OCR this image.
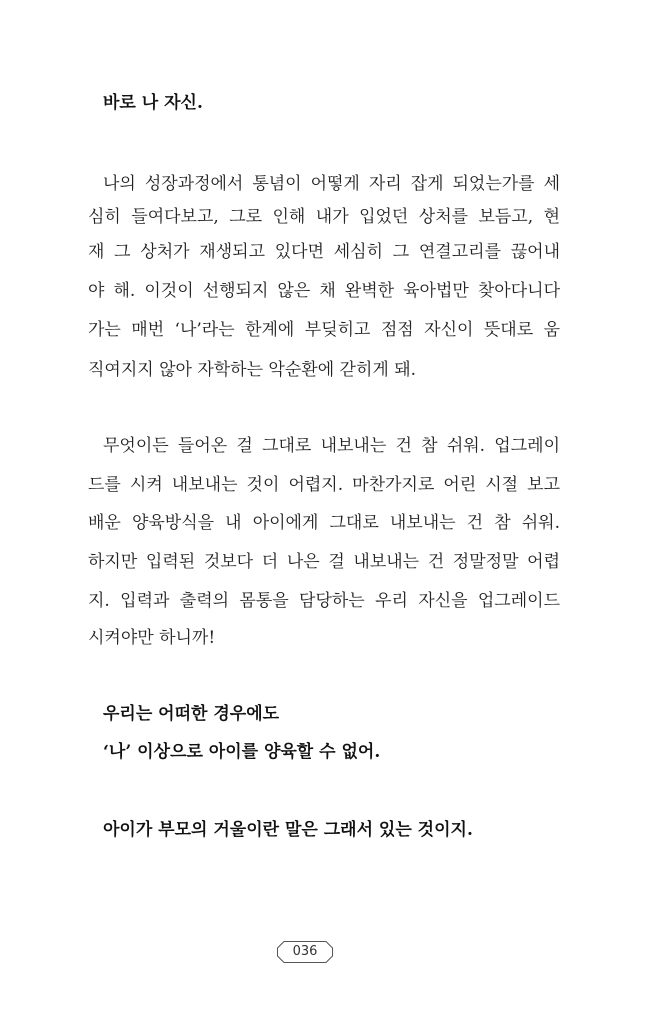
바로 나 자신.
나의 성장과정에서 통념이 어떻게 자리 잡게 되었는가를 세
심히 들여다보고, 그로 인해 내가 입었던 상처를 보듬고, 현
재 그 상처가 재생되고 있다면 세심히 그 연결고리를 끊어내
야 해. 이것이 선행되지 않은 채 완벽한 육아법만 찾아다니다
가는 매번 ‘나’라는 한계에 부딪히고 점점 자신이 뜻대로 움
직여지지 않아 자학하는 악순환에 갇히게 돼.
무엇이든 들어온 걸 그대로 내보내는 건 참 쉬워. 업그레이
드를 시켜 내보내는 것이 어렵지. 마찬가지로 어린 시절 보고
배운 양육방식을 내 아이에게 그대로 내보내는 건 참 쉬워.
하지만 입력된 것보다 더 나은 걸 내보내는 건 정말정말 어렵
지. 입력과 출력의 몸통을 담당하는 우리 자신을 업그레이드
시켜야만 하니까!
우리는 어떠한 경우에도
‘나’ 이상으로 아이를 양육할 수 없어.
아이가 부모의 거울이란 말은 그래서 있는 것이지.
036
